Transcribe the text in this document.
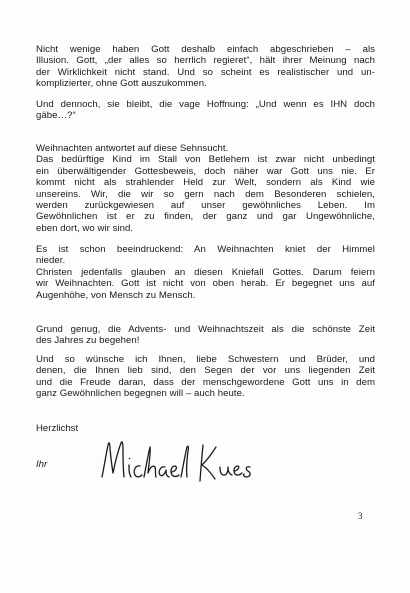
Nicht wenige haben Gott deshalb einfach abgeschrieben – als
Illusion. Gott, „der alles so herrlich regieret“, hält ihrer Meinung nach
der Wirklichkeit nicht stand. Und so scheint es realistischer und un-
komplizierter, ohne Gott auszukommen.

Und dennoch, sie bleibt, die vage Hoffnung: „Und wenn es IHN doch
gäbe…?“

Weihnachten antwortet auf diese Sehnsucht.
Das bedürftige Kind im Stall von Betlehem ist zwar nicht unbedingt
ein überwältigender Gottesbeweis, doch näher war Gott uns nie. Er
kommt nicht als strahlender Held zur Welt, sondern als Kind wie
unsereins. Wir, die wir so gern nach dem Besonderen schielen,
werden zurückgewiesen auf unser gewöhnliches Leben. Im
Gewöhnlichen ist er zu finden, der ganz und gar Ungewöhnliche,
eben dort, wo wir sind.

Es ist schon beeindruckend: An Weihnachten kniet der Himmel
nieder.
Christen jedenfalls glauben an diesen Kniefall Gottes. Darum feiern
wir Weihnachten. Gott ist nicht von oben herab. Er begegnet uns auf
Augenhöhe, von Mensch zu Mensch.

Grund genug, die Advents- und Weihnachtszeit als die schönste Zeit
des Jahres zu begehen!

Und so wünsche ich Ihnen, liebe Schwestern und Brüder, und
denen, die Ihnen lieb sind, den Segen der vor uns liegenden Zeit
und die Freude daran, dass der menschgewordene Gott uns in dem
ganz Gewöhnlichen begegnen will – auch heute.

Herzlichst

Ihr

3
